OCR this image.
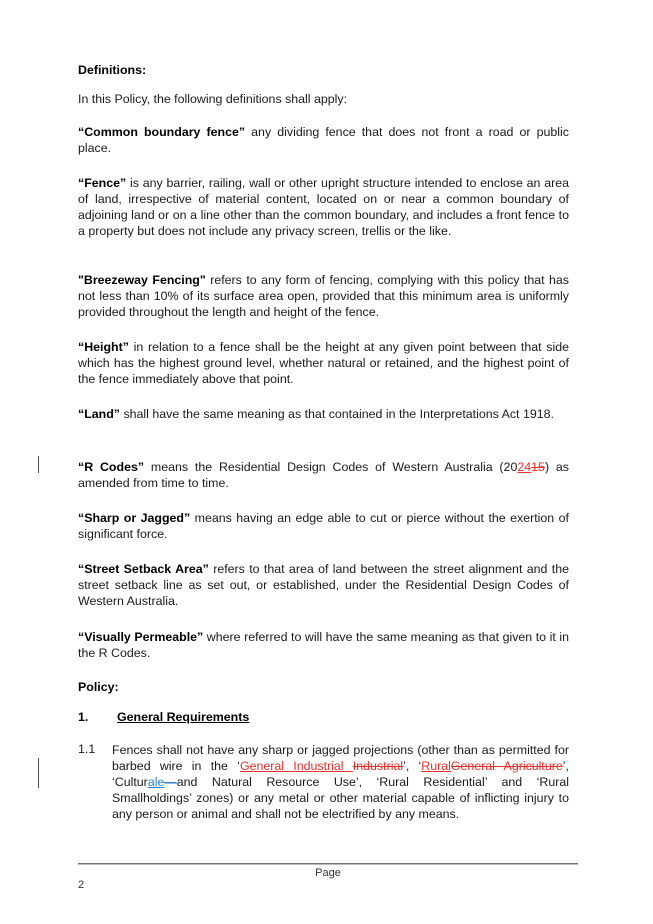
Definitions:
In this Policy, the following definitions shall apply:
“Common boundary fence” any dividing fence that does not front a road or public place.
“Fence” is any barrier, railing, wall or other upright structure intended to enclose an area of land, irrespective of material content, located on or near a common boundary of adjoining land or on a line other than the common boundary, and includes a front fence to a property but does not include any privacy screen, trellis or the like.
"Breezeway Fencing" refers to any form of fencing, complying with this policy that has not less than 10% of its surface area open, provided that this minimum area is uniformly provided throughout the length and height of the fence.
“Height” in relation to a fence shall be the height at any given point between that side which has the highest ground level, whether natural or retained, and the highest point of the fence immediately above that point.
“Land” shall have the same meaning as that contained in the Interpretations Act 1918.
“R Codes” means the Residential Design Codes of Western Australia (202415) as amended from time to time.
“Sharp or Jagged” means having an edge able to cut or pierce without the exertion of significant force.
“Street Setback Area” refers to that area of land between the street alignment and the street setback line as set out, or established, under the Residential Design Codes of Western Australia.
“Visually Permeable” where referred to will have the same meaning as that given to it in the R Codes.
Policy:
1. General Requirements
1.1 Fences shall not have any sharp or jagged projections (other than as permitted for barbed wire in the ‘General Industrial Industrial’, ‘RuralGeneral Agriculture’, ‘Culturale—and Natural Resource Use’, ‘Rural Residential’ and ‘Rural Smallholdings’ zones) or any metal or other material capable of inflicting injury to any person or animal and shall not be electrified by any means.
Page
2
